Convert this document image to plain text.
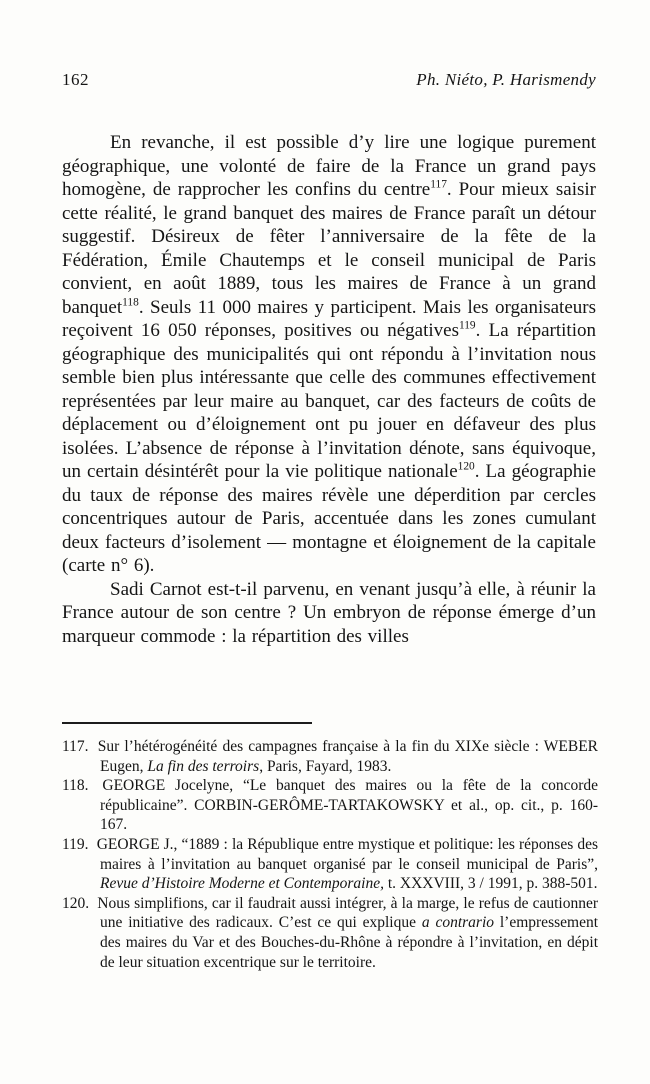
162	Ph. Niéto, P. Harismendy

En revanche, il est possible d’y lire une logique purement géographique, une volonté de faire de la France un grand pays homogène, de rapprocher les confins du centre$^{117}$. Pour mieux saisir cette réalité, le grand banquet des maires de France paraît un détour suggestif. Désireux de fêter l’anniversaire de la fête de la Fédération, Émile Chautemps et le conseil municipal de Paris convient, en août 1889, tous les maires de France à un grand banquet$^{118}$. Seuls 11 000 maires y participent. Mais les organisateurs reçoivent 16 050 réponses, positives ou négatives$^{119}$. La répartition géographique des municipalités qui ont répondu à l’invitation nous semble bien plus intéressante que celle des communes effectivement représentées par leur maire au banquet, car des facteurs de coûts de déplacement ou d’éloignement ont pu jouer en défaveur des plus isolées. L’absence de réponse à l’invitation dénote, sans équivoque, un certain désintérêt pour la vie politique nationale$^{120}$. La géographie du taux de réponse des maires révèle une déperdition par cercles concentriques autour de Paris, accentuée dans les zones cumulant deux facteurs d’isolement — montagne et éloignement de la capitale (carte n° 6).

Sadi Carnot est-t-il parvenu, en venant jusqu’à elle, à réunir la France autour de son centre ? Un embryon de réponse émerge d’un marqueur commode : la répartition des villes

117. Sur l’hétérogénéité des campagnes française à la fin du XIXe siècle : WEBER Eugen, La fin des terroirs, Paris, Fayard, 1983.
118. GEORGE Jocelyne, “Le banquet des maires ou la fête de la concorde républicaine”. CORBIN-GERÔME-TARTAKOWSKY et al., op. cit., p. 160-167.
119. GEORGE J., “1889 : la République entre mystique et politique: les réponses des maires à l’invitation au banquet organisé par le conseil municipal de Paris”, Revue d’Histoire Moderne et Contemporaine, t. XXXVIII, 3 / 1991, p. 388-501.
120. Nous simplifions, car il faudrait aussi intégrer, à la marge, le refus de cautionner une initiative des radicaux. C’est ce qui explique a contrario l’empressement des maires du Var et des Bouches-du-Rhône à répondre à l’invitation, en dépit de leur situation excentrique sur le territoire.
